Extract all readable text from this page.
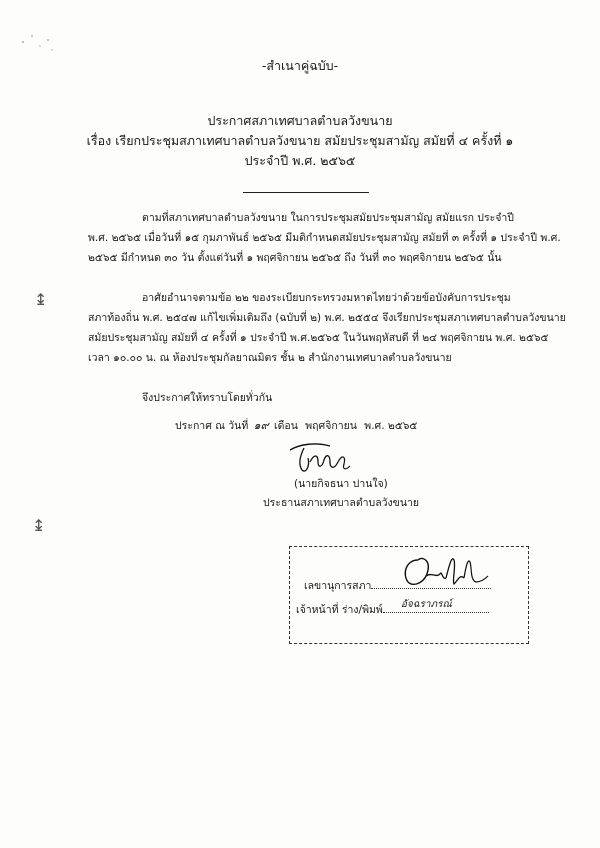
-สำเนาคู่ฉบับ-
ประกาศสภาเทศบาลตำบลวังขนาย
เรื่อง เรียกประชุมสภาเทศบาลตำบลวังขนาย สมัยประชุมสามัญ สมัยที่ ๔ ครั้งที่ ๑
ประจำปี พ.ศ. ๒๕๖๕
ตามที่สภาเทศบาลตำบลวังขนาย ในการประชุมสมัยประชุมสามัญ สมัยแรก ประจำปี
พ.ศ. ๒๕๖๕ เมื่อวันที่ ๑๕ กุมภาพันธ์ ๒๕๖๕ มีมติกำหนดสมัยประชุมสามัญ สมัยที่ ๓ ครั้งที่ ๑ ประจำปี พ.ศ.
๒๕๖๕ มีกำหนด ๓๐ วัน ตั้งแต่วันที่ ๑ พฤศจิกายน ๒๕๖๕ ถึง วันที่ ๓๐ พฤศจิกายน ๒๕๖๕ นั้น
อาศัยอำนาจตามข้อ ๒๒ ของระเบียบกระทรวงมหาดไทยว่าด้วยข้อบังคับการประชุม
สภาท้องถิ่น พ.ศ. ๒๕๔๗ แก้ไขเพิ่มเติมถึง (ฉบับที่ ๒) พ.ศ. ๒๕๕๔ จึงเรียกประชุมสภาเทศบาลตำบลวังขนาย
สมัยประชุมสามัญ สมัยที่ ๔ ครั้งที่ ๑ ประจำปี พ.ศ.๒๕๖๕ ในวันพฤหัสบดี ที่ ๒๔ พฤศจิกายน พ.ศ. ๒๕๖๕
เวลา ๑๐.๐๐ น. ณ ห้องประชุมกัลยาณมิตร ชั้น ๒ สำนักงานเทศบาลตำบลวังขนาย
จึงประกาศให้ทราบโดยทั่วกัน
ประกาศ ณ วันที่ ๑๙ เดือน พฤศจิกายน พ.ศ. ๒๕๖๕
(นายกิจธนา ปานใจ)
ประธานสภาเทศบาลตำบลวังขนาย
↨
↨
เลขานุการสภา
เจ้าหน้าที่ ร่าง/พิมพ์ อัจฉราภรณ์
